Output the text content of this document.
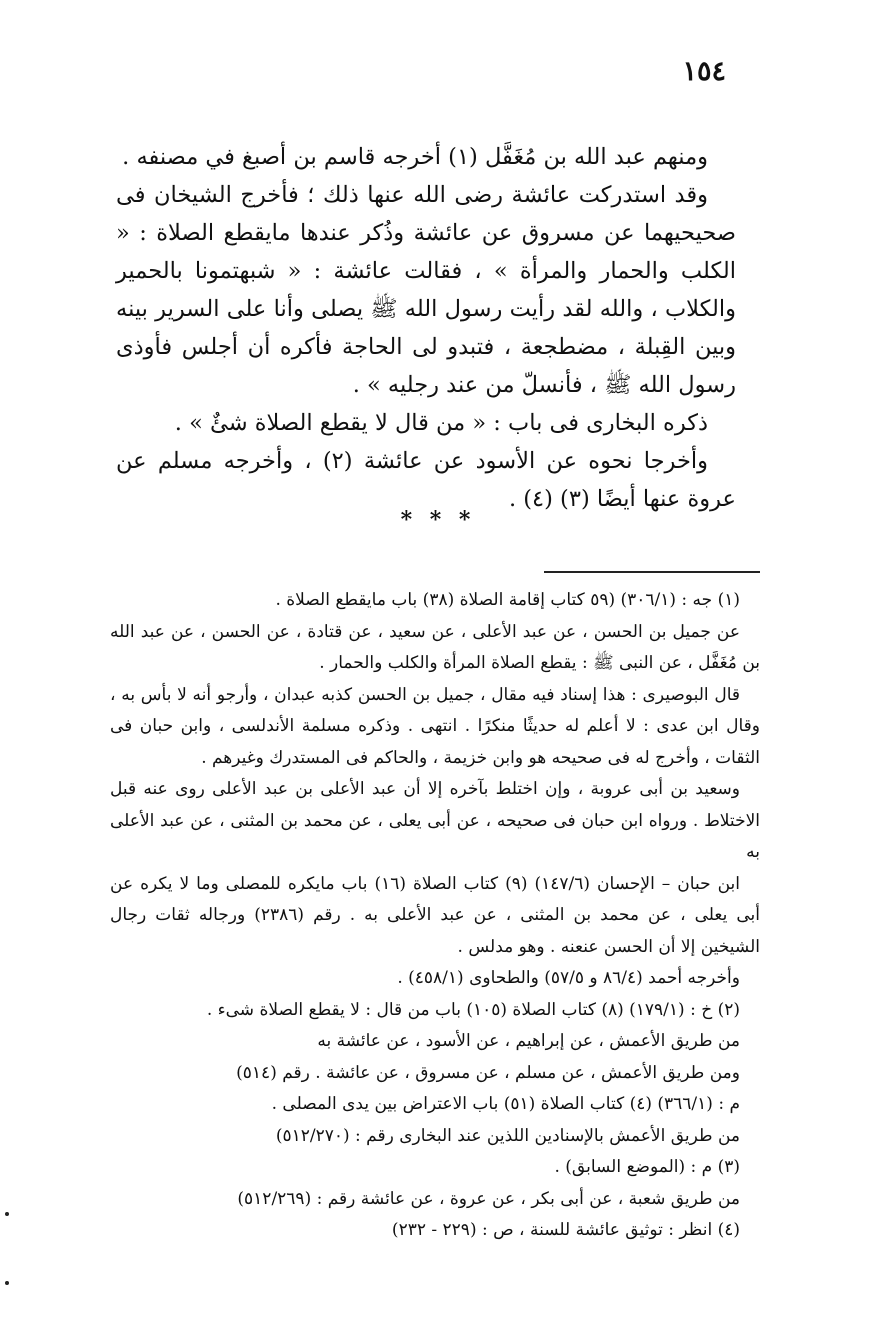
١٥٤

ومنهم عبد الله بن مُغَفَّل (١) أخرجه قاسم بن أصبغ في مصنفه .

وقد استدركت عائشة رضى الله عنها ذلك ؛ فأخرج الشيخان فى صحيحيهما عن مسروق عن عائشة وذُكر عندها مايقطع الصلاة : « الكلب والحمار والمرأة » ، فقالت عائشة : « شبهتمونا بالحمير والكلاب ، والله لقد رأيت رسول الله ﷺ يصلى وأنا على السرير بينه وبين القِبلة ، مضطجعة ، فتبدو لى الحاجة فأكره أن أجلس فأوذى رسول الله ﷺ ، فأنسلّ من عند رجليه » .

ذكره البخارى فى باب : « من قال لا يقطع الصلاة شئٌ » .

وأخرجا نحوه عن الأسود عن عائشة (٢) ، وأخرجه مسلم عن عروة عنها أيضًا (٣) (٤) .

* * *

(١) جه : (٣٠٦/١) (٥٩ كتاب إقامة الصلاة (٣٨) باب مايقطع الصلاة .

عن جميل بن الحسن ، عن عبد الأعلى ، عن سعيد ، عن قتادة ، عن الحسن ، عن عبد الله بن مُغَفَّل ، عن النبى ﷺ : يقطع الصلاة المرأة والكلب والحمار .

قال البوصيرى : هذا إسناد فيه مقال ، جميل بن الحسن كذبه عبدان ، وأرجو أنه لا بأس به ، وقال ابن عدى : لا أعلم له حديثًا منكرًا . انتهى . وذكره مسلمة الأندلسى ، وابن حبان فى الثقات ، وأخرج له فى صحيحه هو وابن خزيمة ، والحاكم فى المستدرك وغيرهم .

وسعيد بن أبى عروبة ، وإن اختلط بآخره إلا أن عبد الأعلى بن عبد الأعلى روى عنه قبل الاختلاط . ورواه ابن حبان فى صحيحه ، عن أبى يعلى ، عن محمد بن المثنى ، عن عبد الأعلى به

ابن حبان – الإحسان (١٤٧/٦) (٩) كتاب الصلاة (١٦) باب مايكره للمصلى وما لا يكره عن أبى يعلى ، عن محمد بن المثنى ، عن عبد الأعلى به . رقم (٢٣٨٦) ورجاله ثقات رجال الشيخين إلا أن الحسن عنعنه . وهو مدلس .

وأخرجه أحمد (٨٦/٤ و ٥٧/٥) والطحاوى (٤٥٨/١) .

(٢) خ : (١٧٩/١) (٨) كتاب الصلاة (١٠٥) باب من قال : لا يقطع الصلاة شىء .

من طريق الأعمش ، عن إبراهيم ، عن الأسود ، عن عائشة به

ومن طريق الأعمش ، عن مسلم ، عن مسروق ، عن عائشة . رقم (٥١٤)

م : (٣٦٦/١) (٤) كتاب الصلاة (٥١) باب الاعتراض بين يدى المصلى .

من طريق الأعمش بالإسنادين اللذين عند البخارى رقم : (٥١٢/٢٧٠)

(٣) م : (الموضع السابق) .

من طريق شعبة ، عن أبى بكر ، عن عروة ، عن عائشة رقم : (٥١٢/٢٦٩)

(٤) انظر : توثيق عائشة للسنة ، ص : (٢٢٩ - ٢٣٢)
